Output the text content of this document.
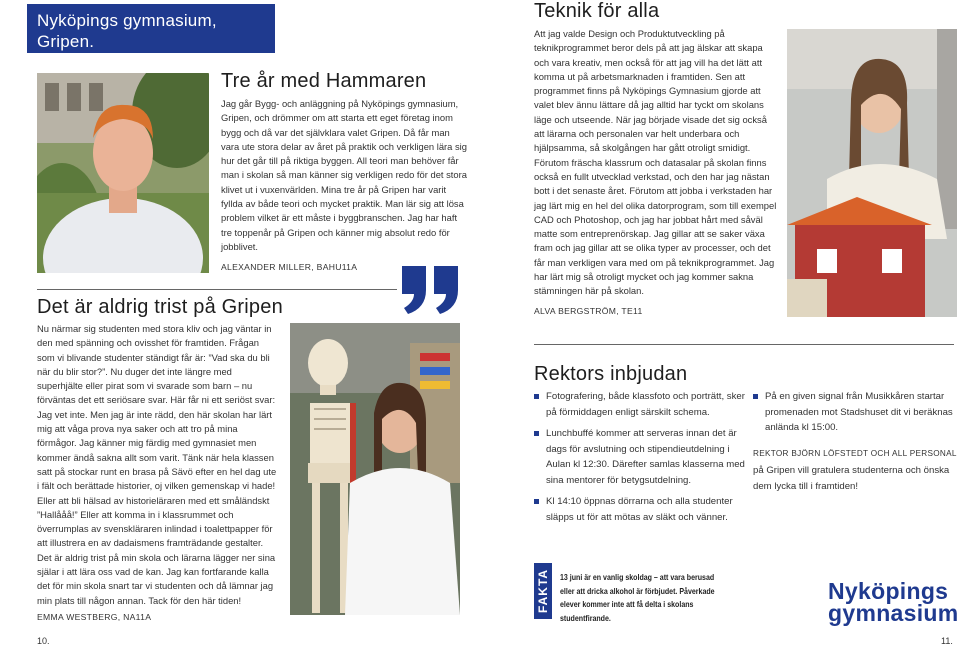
Nyköpings gymnasium, Gripen.
Tre år med Hammaren
Jag går Bygg- och anläggning på Nyköpings gymnasium, Gripen, och drömmer om att starta ett eget företag inom bygg och då var det självklara valet Gripen. Då får man vara ute stora delar av året på praktik och verkligen lära sig hur det går till på riktiga byggen. All teori man behöver får man i skolan så man känner sig verkligen redo för det stora klivet ut i vuxenvärlden. Mina tre år på Gripen har varit fyllda av både teori och mycket praktik. Man lär sig att lösa problem vilket är ett måste i byggbranschen. Jag har haft tre toppenår på Gripen och känner mig absolut redo för jobblivet.
ALEXANDER MILLER, BAHU11A
Det är aldrig trist på Gripen
Nu närmar sig studenten med stora kliv och jag väntar in den med spänning och ovisshet för framtiden. Frågan som vi blivande studenter ständigt får är: ”Vad ska du bli när du blir stor?”. Nu duger det inte längre med superhjälte eller pirat som vi svarade som barn – nu förväntas det ett seriösare svar. Här får ni ett seriöst svar: Jag vet inte. Men jag är inte rädd, den här skolan har lärt mig att våga prova nya saker och att tro på mina förmågor. Jag känner mig färdig med gymnasiet men kommer ändå sakna allt som varit. Tänk när hela klassen satt på stockar runt en brasa på Sävö efter en hel dag ute i fält och berättade historier, oj vilken gemenskap vi hade! Eller att bli hälsad av historieläraren med ett småländskt ”Hallååå!” Eller att komma in i klassrummet och överrumplas av svenskläraren inlindad i toalettpapper för att illustrera en av dadaismens framträdande gestalter. Det är aldrig trist på min skola och lärarna lägger ner sina själar i att lära oss vad de kan. Jag kan fortfarande kalla det för min skola snart tar vi studenten och då lämnar jag min plats till någon annan. Tack för den här tiden!
EMMA WESTBERG, NA11A
Teknik för alla
Att jag valde Design och Produktutveckling på teknikprogrammet beror dels på att jag älskar att skapa och vara kreativ, men också för att jag vill ha det lätt att komma ut på arbetsmarknaden i framtiden. Sen att programmet finns på Nyköpings Gymnasium gjorde att valet blev ännu lättare då jag alltid har tyckt om skolans läge och utseende. När jag började visade det sig också att lärarna och personalen var helt underbara och hjälpsamma, så skolgången har gått otroligt smidigt. Förutom fräscha klassrum och datasalar på skolan finns också en fullt utvecklad verkstad, och den har jag nästan bott i det senaste året. Förutom att jobba i verkstaden har jag lärt mig en hel del olika datorprogram, som till exempel CAD och Photoshop, och jag har jobbat hårt med såväl matte som entreprenörskap. Jag gillar att se saker växa fram och jag gillar att se olika typer av processer, och det får man verkligen vara med om på teknikprogrammet. Jag har lärt mig så otroligt mycket och jag kommer sakna stämningen här på skolan.
ALVA BERGSTRÖM, TE11
Rektors inbjudan
Fotografering, både klassfoto och porträtt, sker på förmiddagen enligt särskilt schema.
Lunchbuffé kommer att serveras innan det är dags för avslutning och stipendieutdelning i Aulan kl 12:30. Därefter samlas klasserna med sina mentorer för betygsutdelning.
Kl 14:10 öppnas dörrarna och alla studenter släpps ut för att mötas av släkt och vänner.
På en given signal från Musikkåren startar promenaden mot Stadshuset dit vi beräknas anlända kl 15:00.
REKTOR BJÖRN LÖFSTEDT OCH ALL PERSONAL
på Gripen vill gratulera studenterna och önska dem lycka till i framtiden!
FAKTA 13 juni är en vanlig skoldag – att vara berusad eller att dricka alkohol är förbjudet. Påverkade elever kommer inte att få delta i skolans studentfirande.
Nyköpings
gymnasium
10.	11.
